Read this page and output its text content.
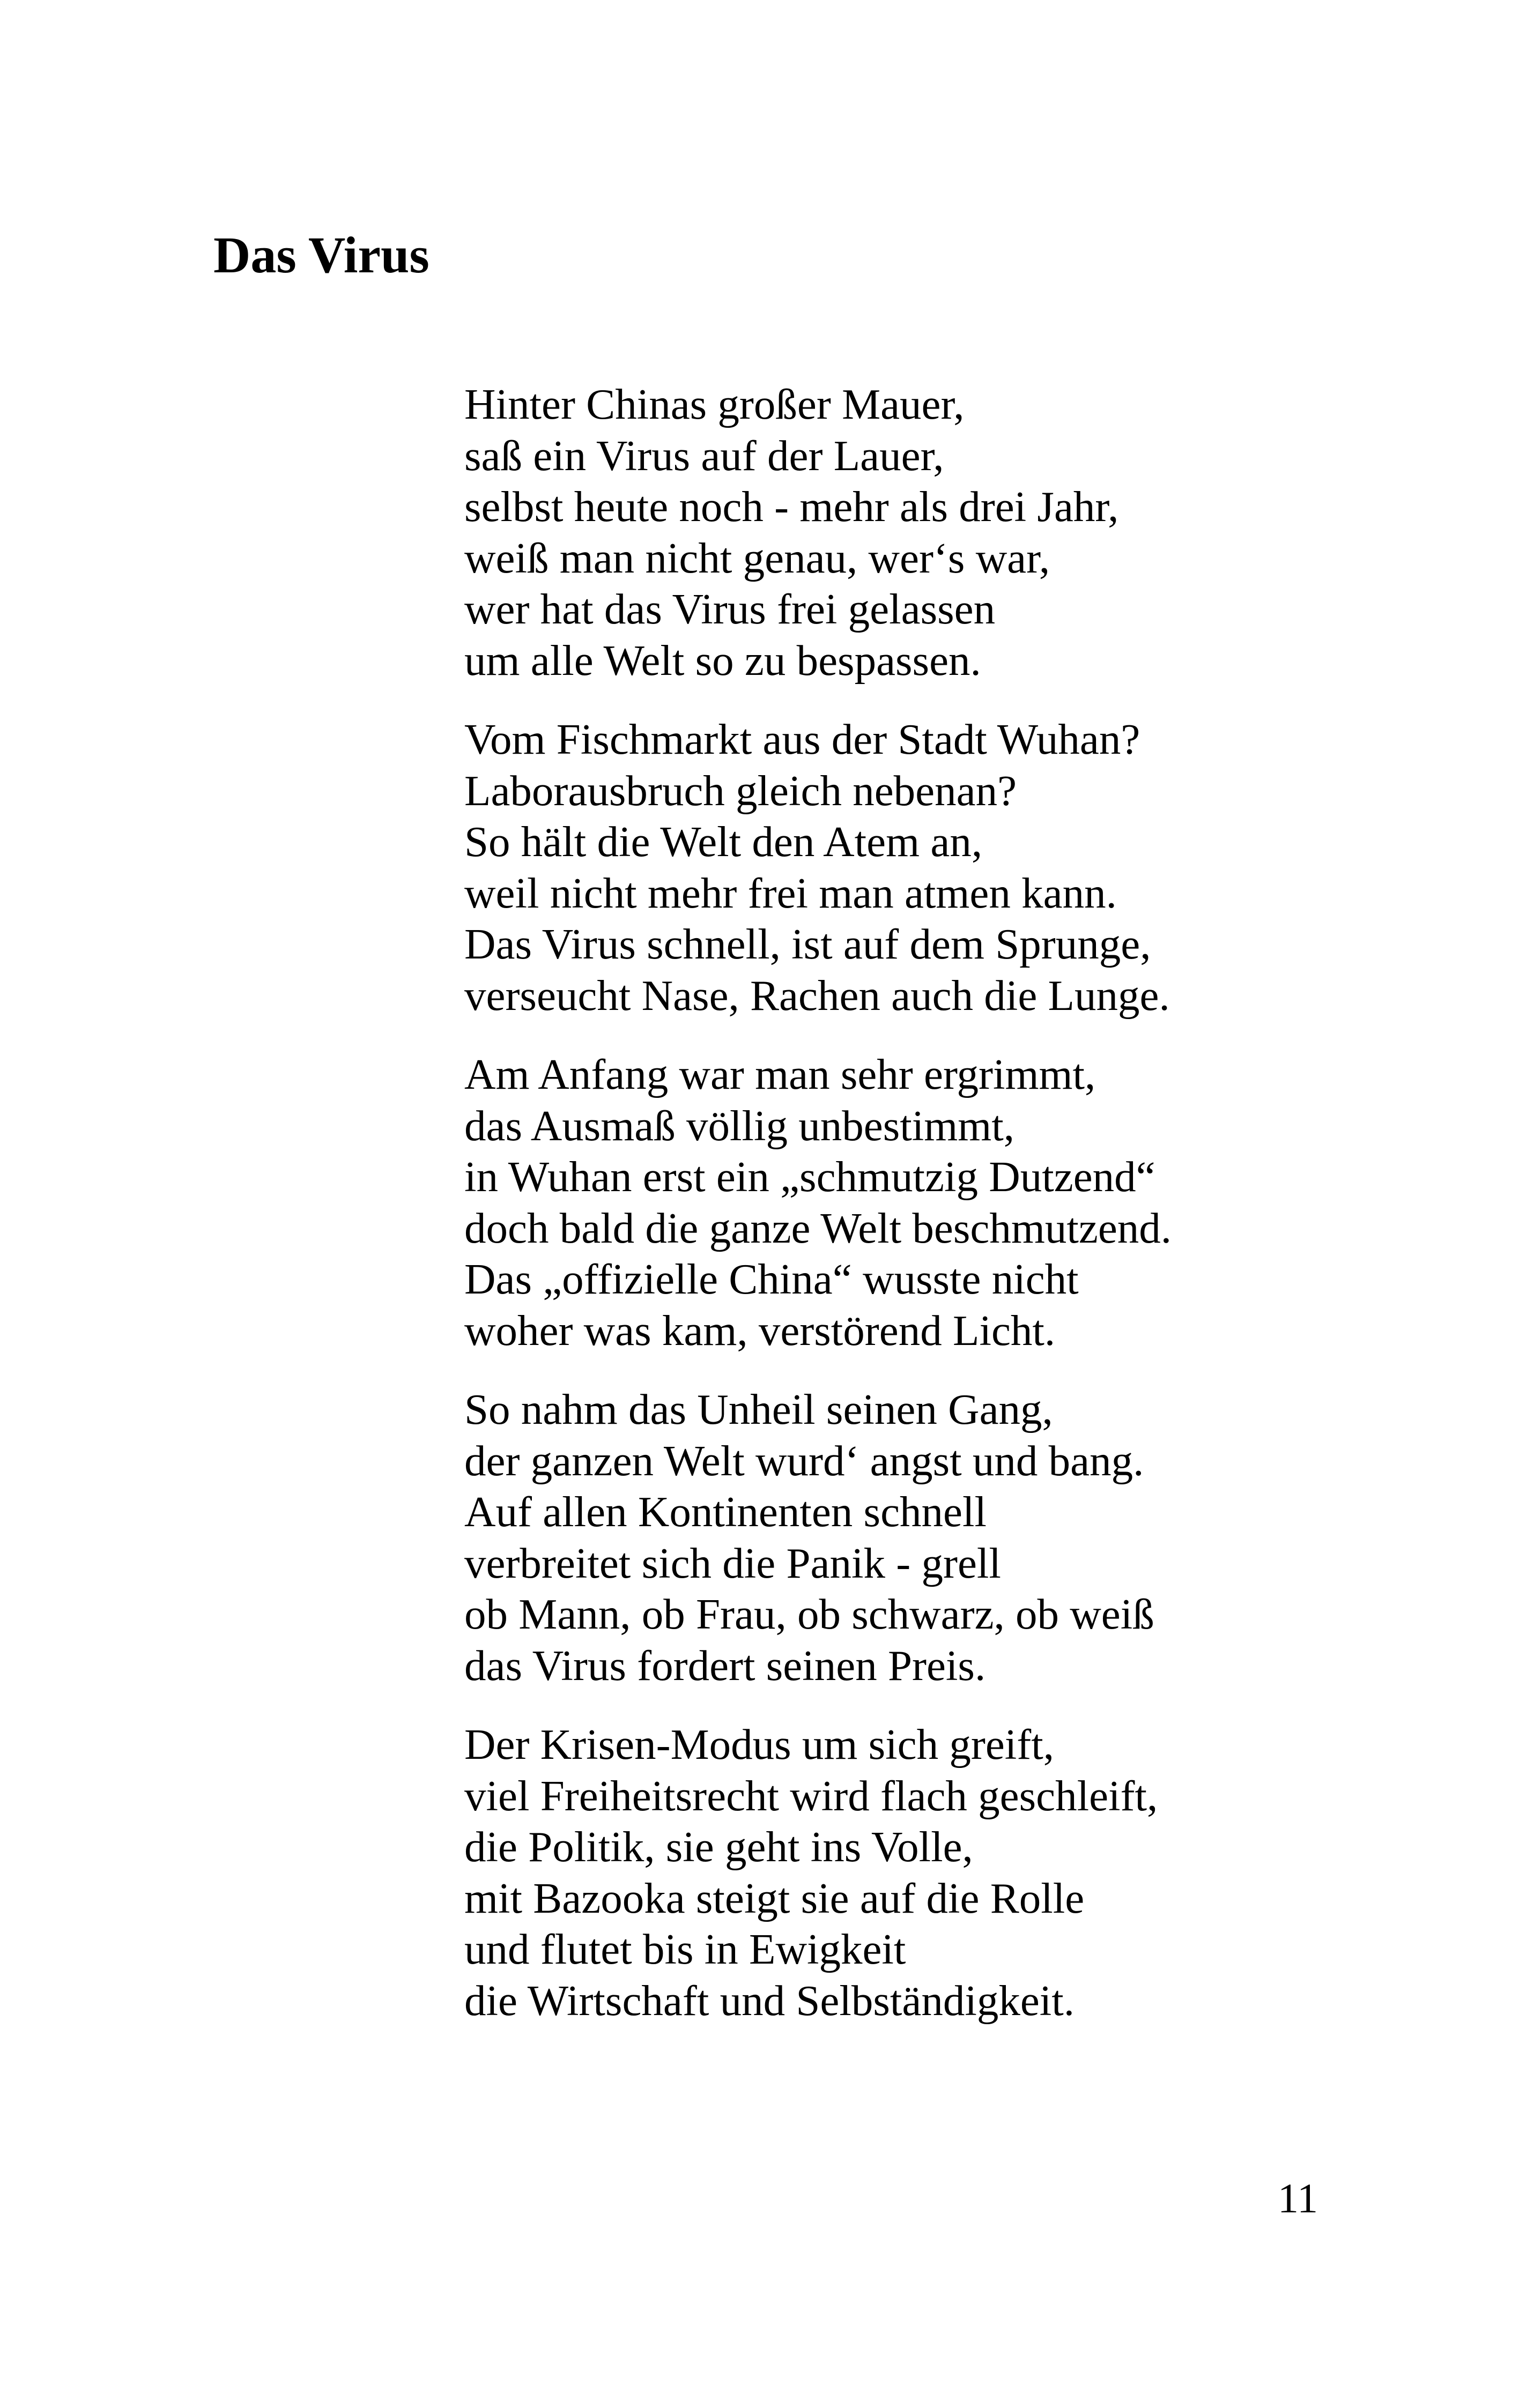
Das Virus
Hinter Chinas großer Mauer,
saß ein Virus auf der Lauer,
selbst heute noch - mehr als drei Jahr,
weiß man nicht genau, wer‘s war,
wer hat das Virus frei gelassen
um alle Welt so zu bespassen.
Vom Fischmarkt aus der Stadt Wuhan?
Laborausbruch gleich nebenan?
So hält die Welt den Atem an,
weil nicht mehr frei man atmen kann.
Das Virus schnell, ist auf dem Sprunge,
verseucht Nase, Rachen auch die Lunge.
Am Anfang war man sehr ergrimmt,
das Ausmaß völlig unbestimmt,
in Wuhan erst ein „schmutzig Dutzend“
doch bald die ganze Welt beschmutzend.
Das „offizielle China“ wusste nicht
woher was kam, verstörend Licht.
So nahm das Unheil seinen Gang,
der ganzen Welt wurd‘ angst und bang.
Auf allen Kontinenten schnell
verbreitet sich die Panik - grell
ob Mann, ob Frau, ob schwarz, ob weiß
das Virus fordert seinen Preis.
Der Krisen-Modus um sich greift,
viel Freiheitsrecht wird flach geschleift,
die Politik, sie geht ins Volle,
mit Bazooka steigt sie auf die Rolle
und flutet bis in Ewigkeit
die Wirtschaft und Selbständigkeit.
11
